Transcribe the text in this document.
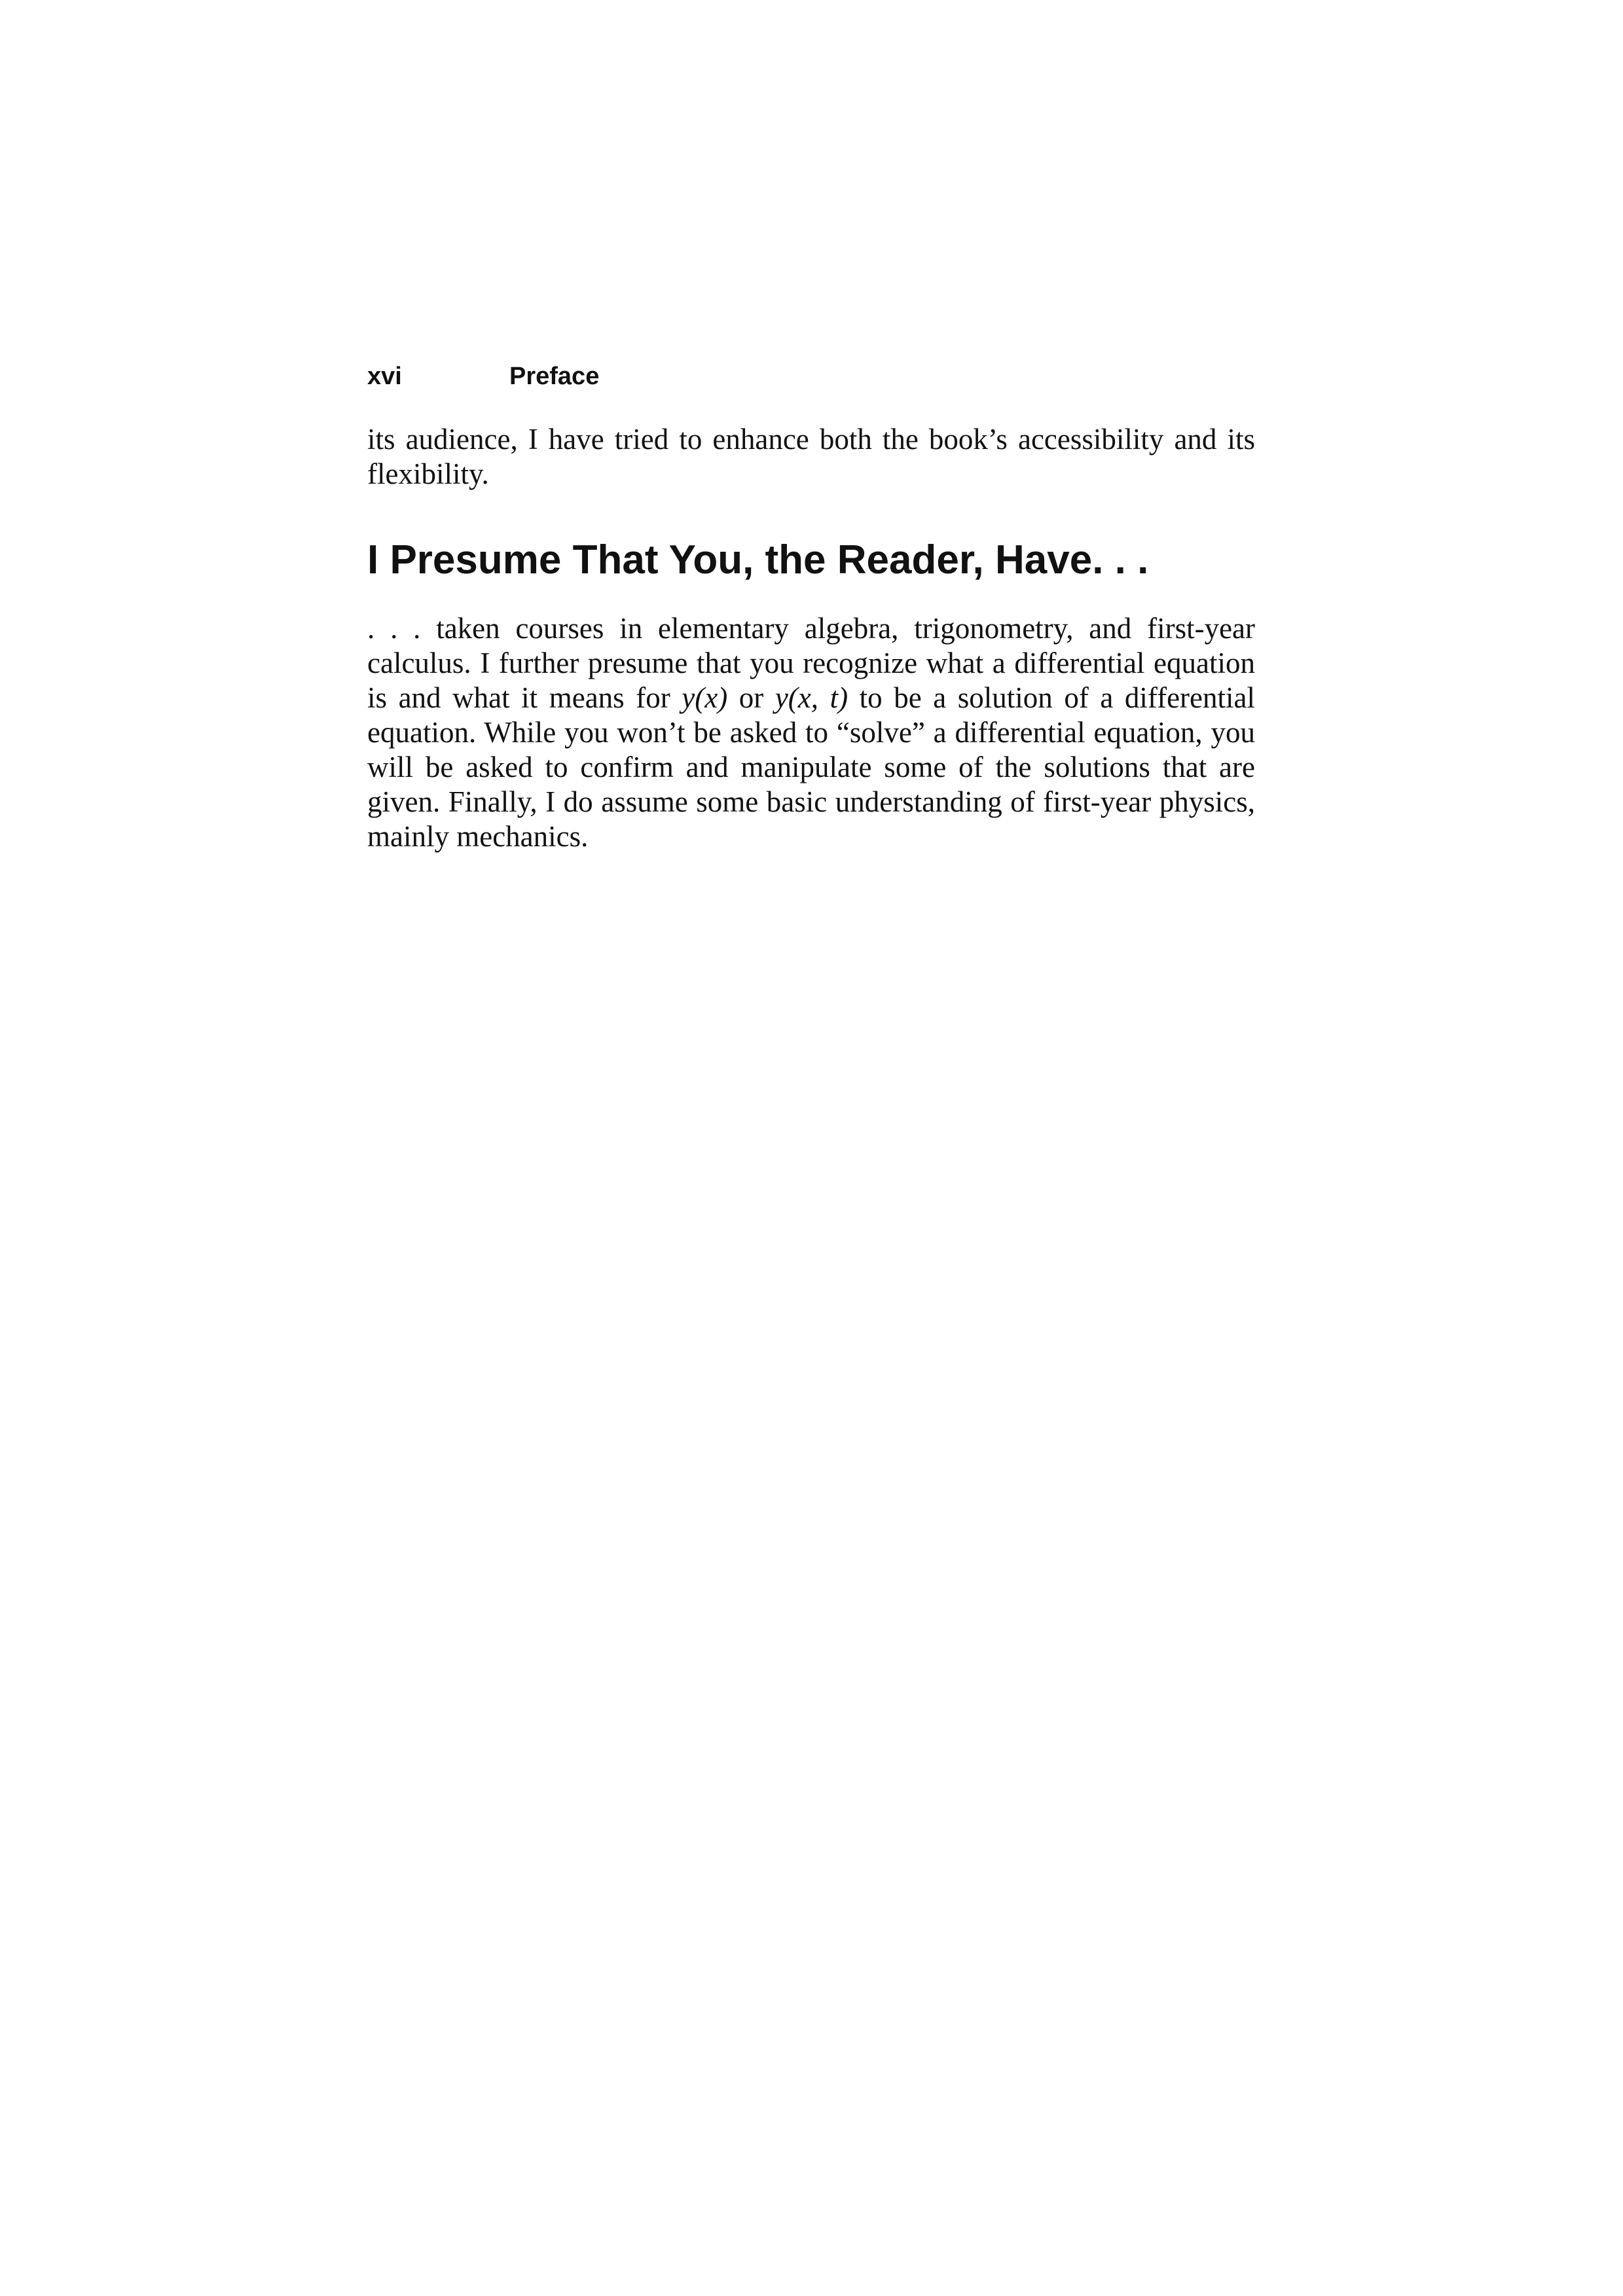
xvi	Preface

its audience, I have tried to enhance both the book’s accessibility and its flexibility.

I Presume That You, the Reader, Have. . .

. . . taken courses in elementary algebra, trigonometry, and first-year calculus. I further presume that you recognize what a differential equation is and what it means for y(x) or y(x, t) to be a solution of a differential equation. While you won’t be asked to “solve” a differential equation, you will be asked to confirm and manipulate some of the solutions that are given. Finally, I do assume some basic understanding of first-year physics, mainly mechanics.
